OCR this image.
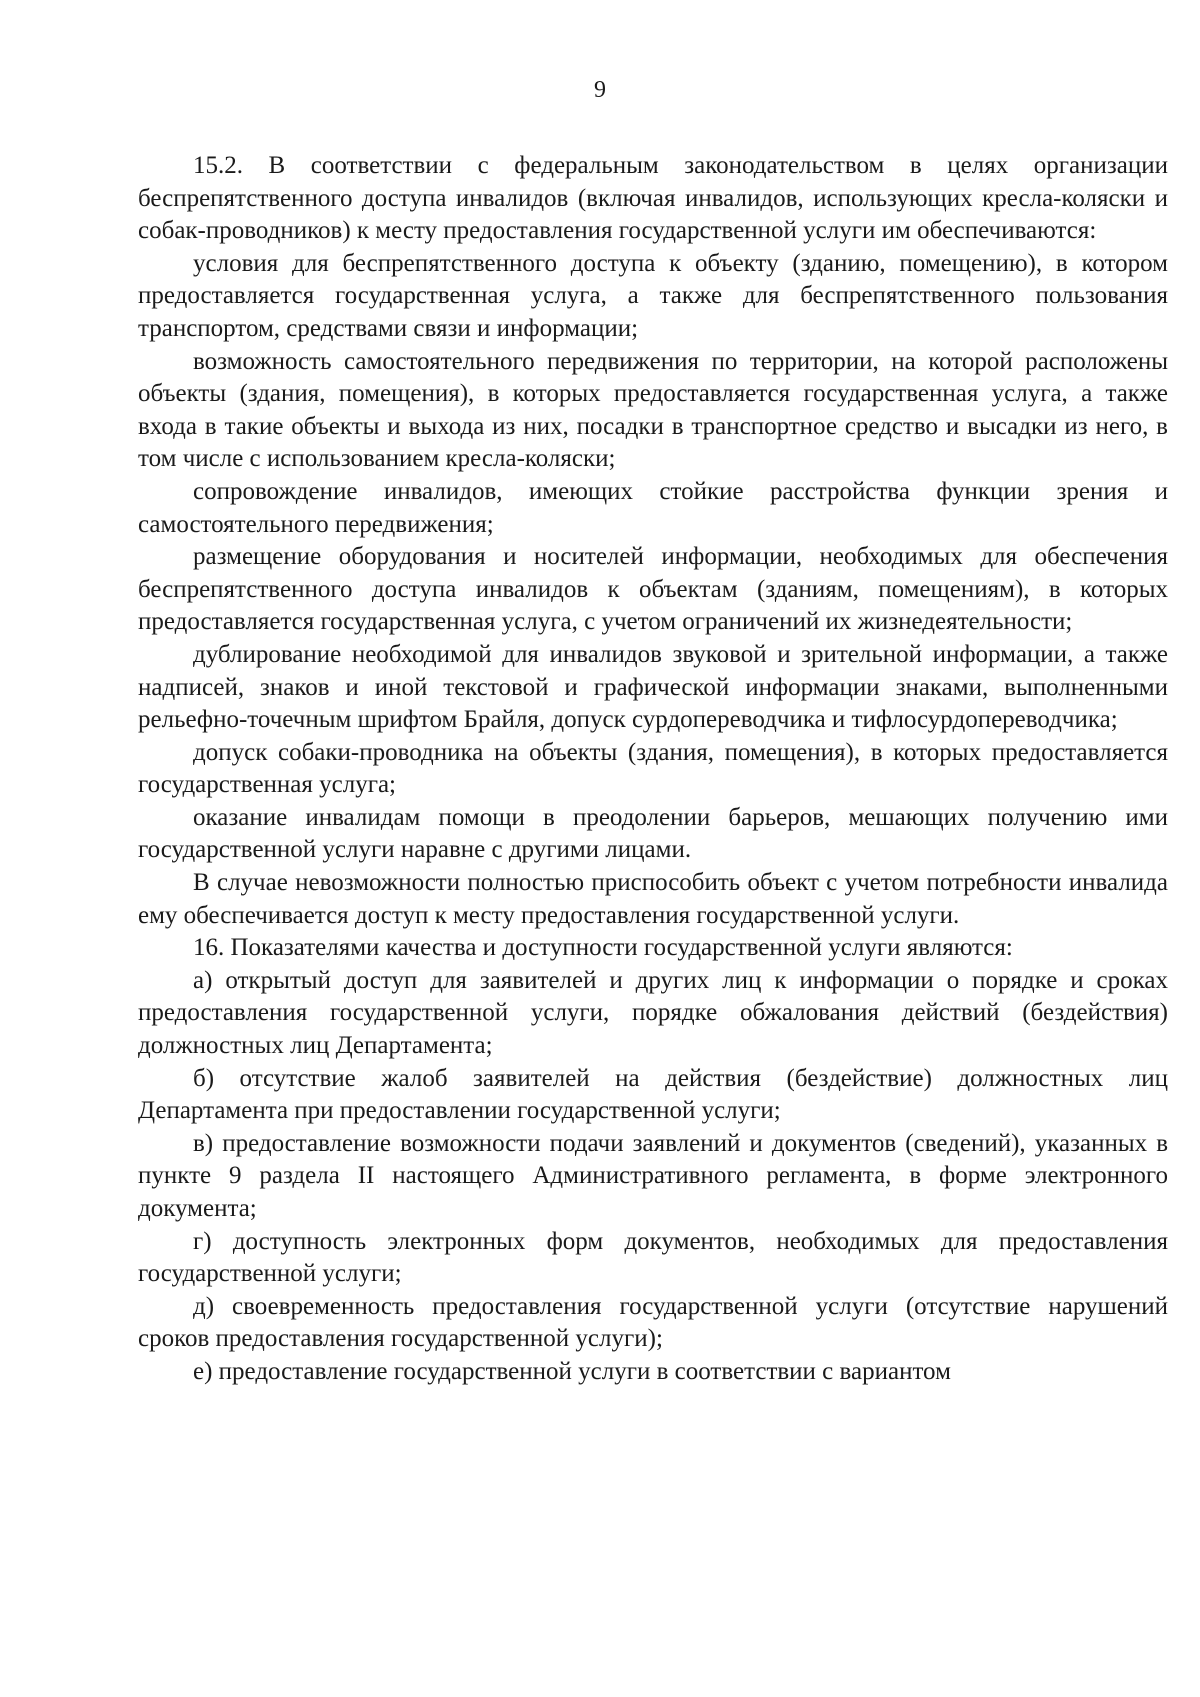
9

15.2. В соответствии с федеральным законодательством в целях организации беспрепятственного доступа инвалидов (включая инвалидов, использующих кресла-коляски и собак-проводников) к месту предоставления государственной услуги им обеспечиваются:

условия для беспрепятственного доступа к объекту (зданию, помещению), в котором предоставляется государственная услуга, а также для беспрепятственного пользования транспортом, средствами связи и информации;

возможность самостоятельного передвижения по территории, на которой расположены объекты (здания, помещения), в которых предоставляется государственная услуга, а также входа в такие объекты и выхода из них, посадки в транспортное средство и высадки из него, в том числе с использованием кресла-коляски;

сопровождение инвалидов, имеющих стойкие расстройства функции зрения и самостоятельного передвижения;

размещение оборудования и носителей информации, необходимых для обеспечения беспрепятственного доступа инвалидов к объектам (зданиям, помещениям), в которых предоставляется государственная услуга, с учетом ограничений их жизнедеятельности;

дублирование необходимой для инвалидов звуковой и зрительной информации, а также надписей, знаков и иной текстовой и графической информации знаками, выполненными рельефно-точечным шрифтом Брайля, допуск сурдопереводчика и тифлосурдопереводчика;

допуск собаки-проводника на объекты (здания, помещения), в которых предоставляется государственная услуга;

оказание инвалидам помощи в преодолении барьеров, мешающих получению ими государственной услуги наравне с другими лицами.

В случае невозможности полностью приспособить объект с учетом потребности инвалида ему обеспечивается доступ к месту предоставления государственной услуги.

16. Показателями качества и доступности государственной услуги являются:

а) открытый доступ для заявителей и других лиц к информации о порядке и сроках предоставления государственной услуги, порядке обжалования действий (бездействия) должностных лиц Департамента;

б) отсутствие жалоб заявителей на действия (бездействие) должностных лиц Департамента при предоставлении государственной услуги;

в) предоставление возможности подачи заявлений и документов (сведений), указанных в пункте 9 раздела II настоящего Административного регламента, в форме электронного документа;

г) доступность электронных форм документов, необходимых для предоставления государственной услуги;

д) своевременность предоставления государственной услуги (отсутствие нарушений сроков предоставления государственной услуги);

е) предоставление государственной услуги в соответствии с вариантом
